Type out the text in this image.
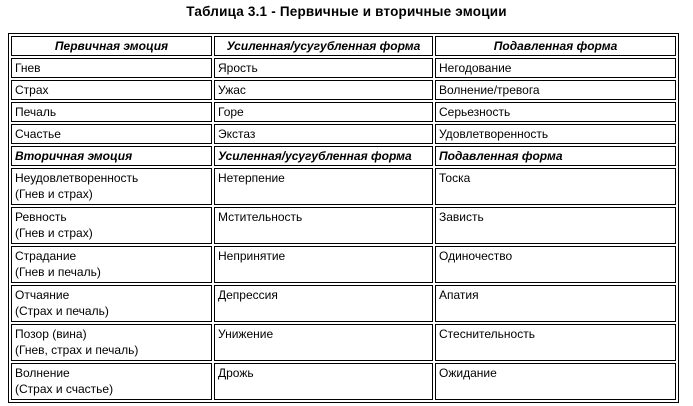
Таблица 3.1 - Первичные и вторичные эмоции
Первичная эмоция	Усиленная/усугубленная форма	Подавленная форма
Гнев	Ярость	Негодование
Страх	Ужас	Волнение/тревога
Печаль	Горе	Серьезность
Счастье	Экстаз	Удовлетворенность
Вторичная эмоция	Усиленная/усугубленная форма	Подавленная форма

Неудовлетворенность
(Гнев и страх)	Нетерпение	Тоска

Ревность
(Гнев и страх)	Мстительность	Зависть

Страдание
(Гнев и печаль)	Непринятие	Одиночество

Отчаяние
(Страх и печаль)	Депрессия	Апатия

Позор (вина)
(Гнев, страх и печаль)	Унижение	Стеснительность

Волнение
(Страх и счастье)	Дрожь	Ожидание
